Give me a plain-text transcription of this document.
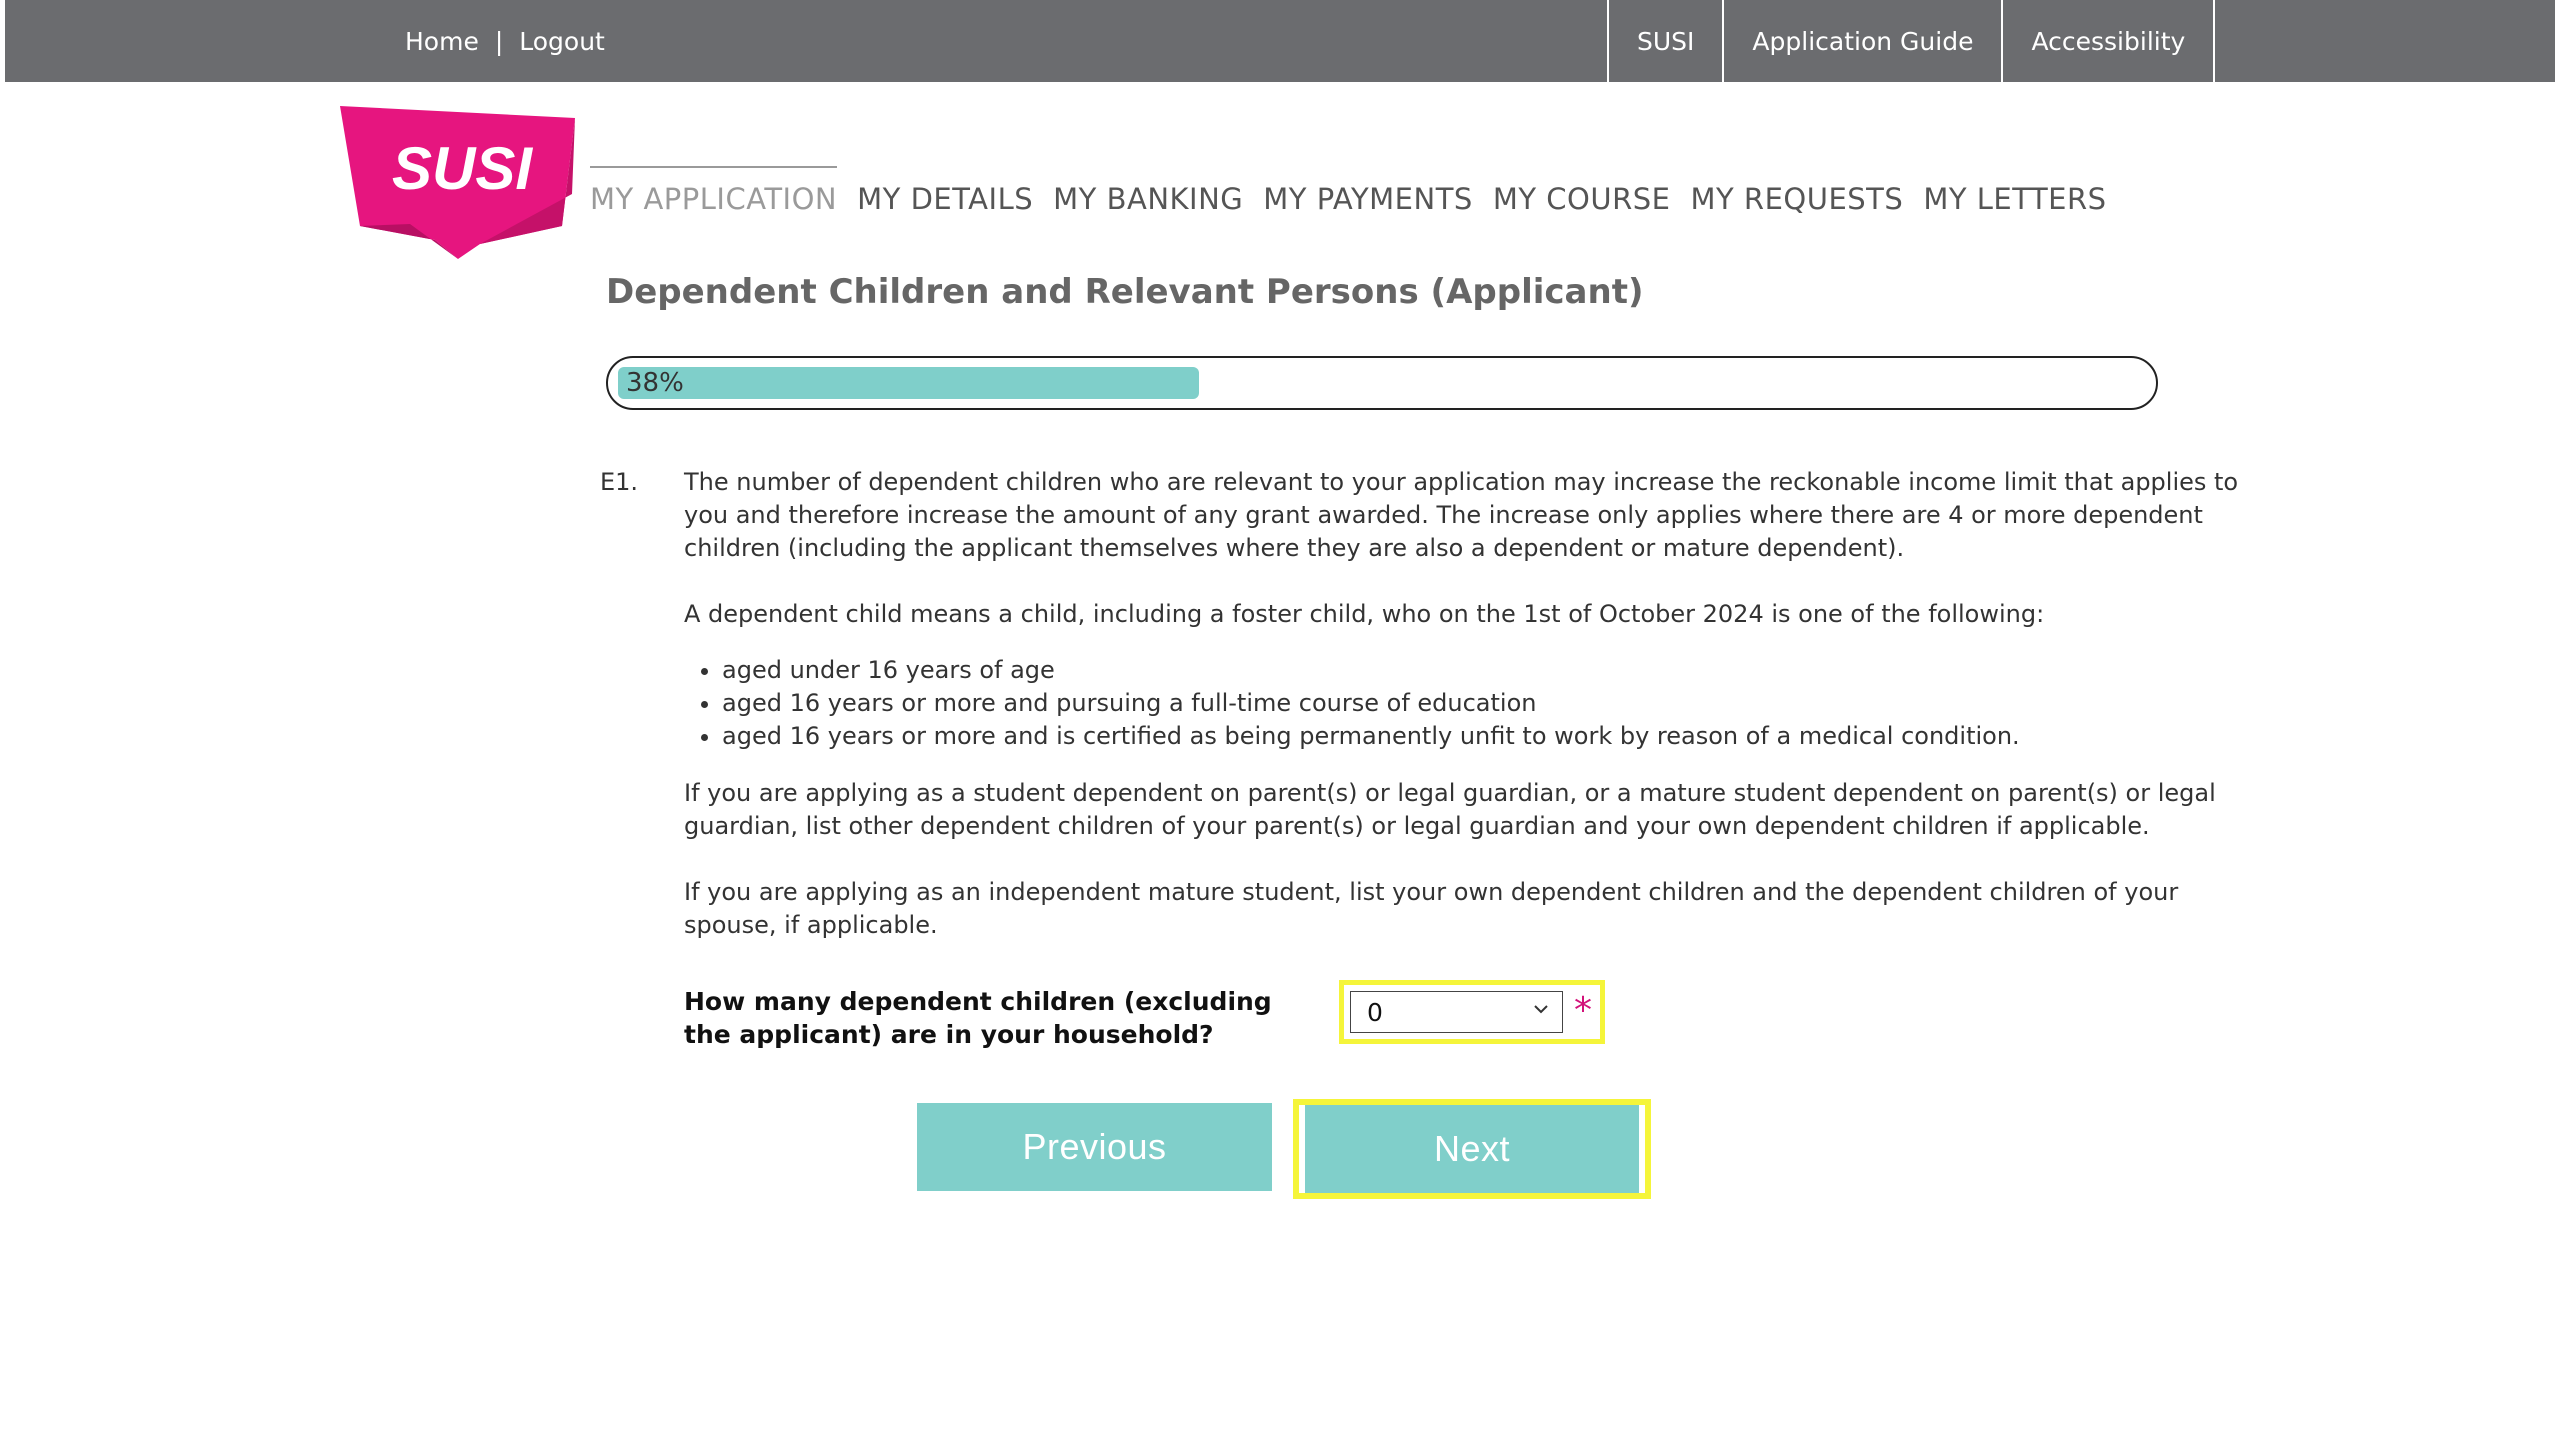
Home | Logout	SUSI	Application Guide	Accessibility
SUSI MY APPLICATION MY DETAILS MY BANKING MY PAYMENTS MY COURSE MY REQUESTS MY LETTERS
Dependent Children and Relevant Persons (Applicant)
38%
E1. The number of dependent children who are relevant to your application may increase the reckonable income limit that applies to you and therefore increase the amount of any grant awarded. The increase only applies where there are 4 or more dependent children (including the applicant themselves where they are also a dependent or mature dependent).

A dependent child means a child, including a foster child, who on the 1st of October 2024 is one of the following:

• aged under 16 years of age
• aged 16 years or more and pursuing a full-time course of education
• aged 16 years or more and is certified as being permanently unfit to work by reason of a medical condition.

If you are applying as a student dependent on parent(s) or legal guardian, or a mature student dependent on parent(s) or legal guardian, list other dependent children of your parent(s) or legal guardian and your own dependent children if applicable.

If you are applying as an independent mature student, list your own dependent children and the dependent children of your spouse, if applicable.

How many dependent children (excluding the applicant) are in your household?
0	*
Previous	Next
